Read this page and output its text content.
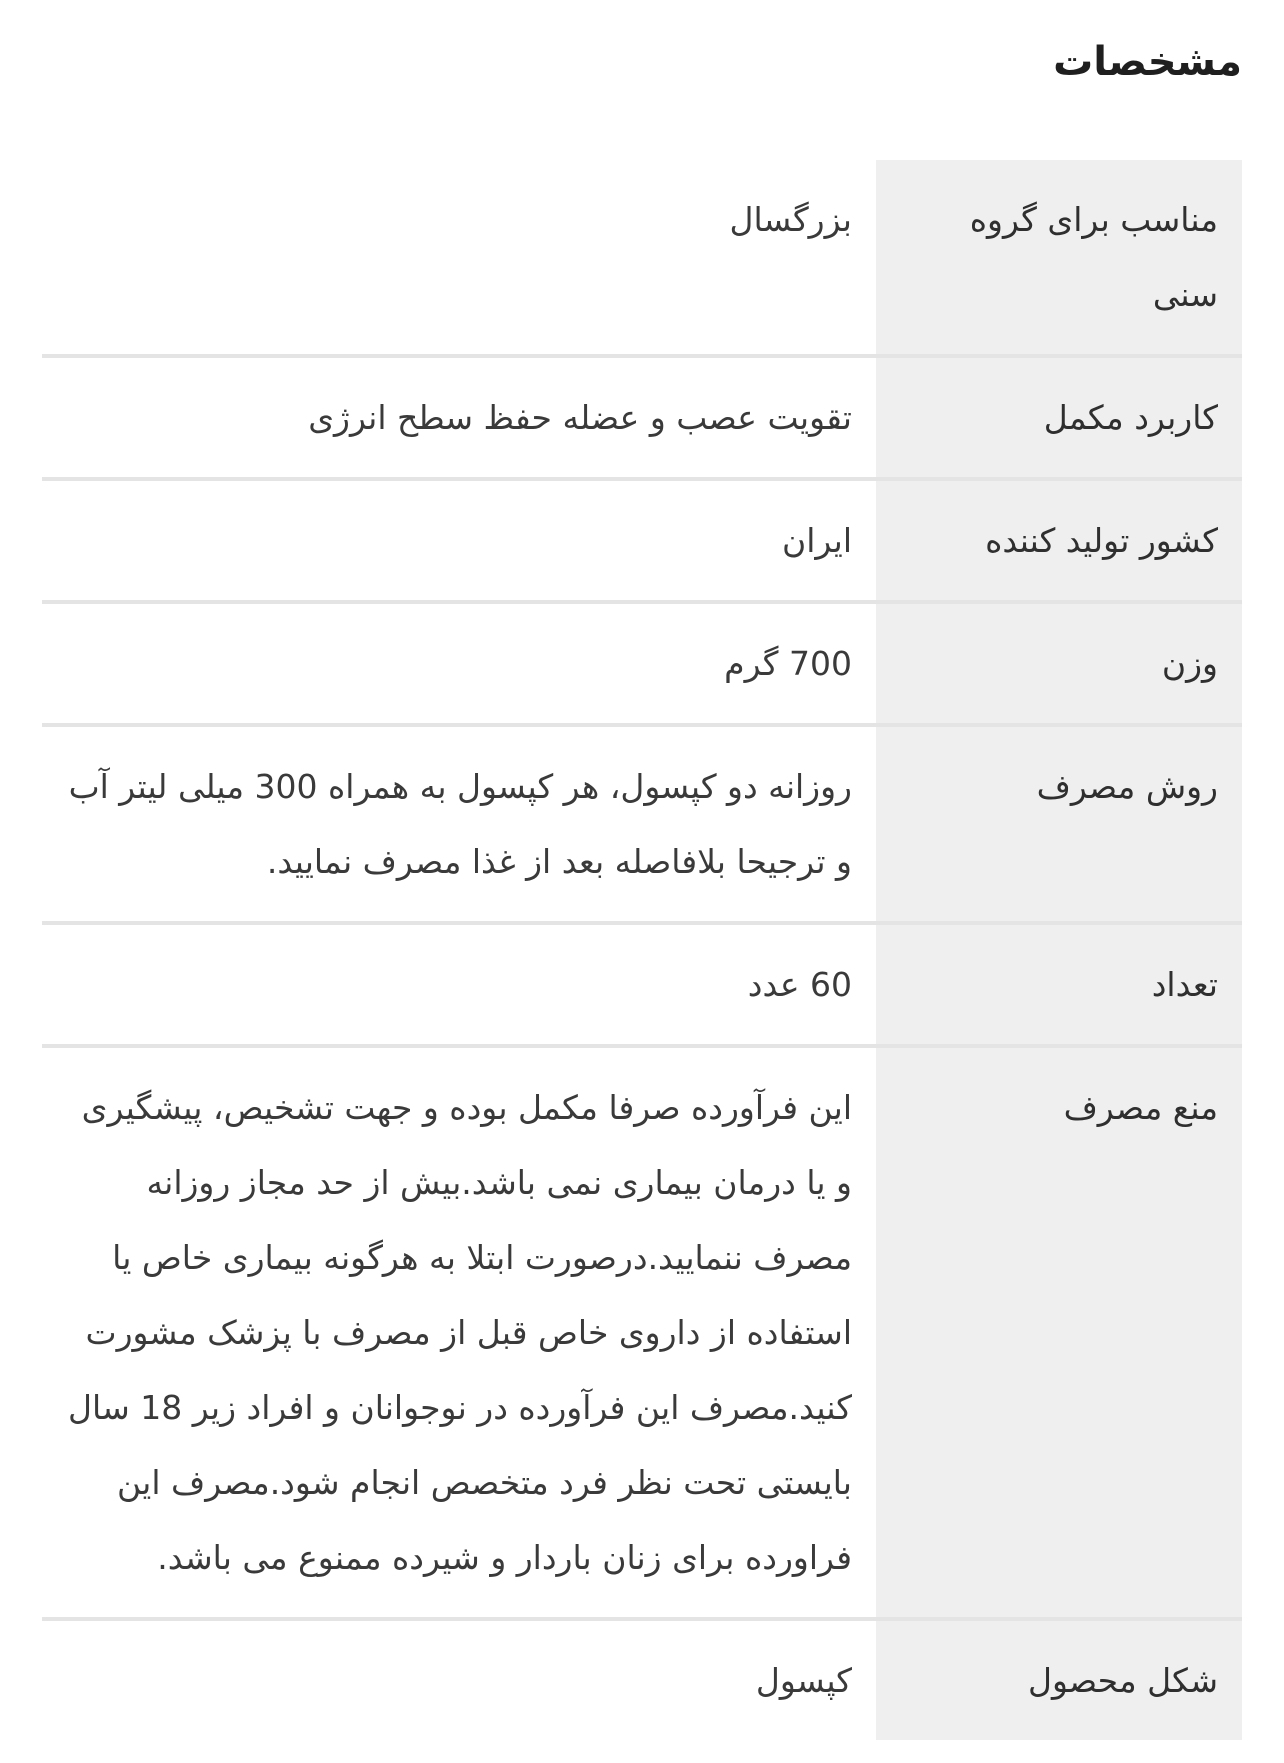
مشخصات
مناسب برای گروه سنی	بزرگسال
کاربرد مکمل	تقویت عصب و عضله حفظ سطح انرژی
کشور تولید کننده	ایران
وزن	700 گرم
روش مصرف	روزانه دو کپسول، هر کپسول به همراه 300 میلی لیتر آب و ترجیحا بلافاصله بعد از غذا مصرف نمایید.
تعداد	60 عدد
منع مصرف	این فرآورده صرفا مکمل بوده و جهت تشخیص، پیشگیری و یا درمان بیماری نمی باشد.بیش از حد مجاز روزانه مصرف ننمایید.درصورت ابتلا به هرگونه بیماری خاص یا استفاده از داروی خاص قبل از مصرف با پزشک مشورت کنید.مصرف این فرآورده در نوجوانان و افراد زیر 18 سال بایستی تحت نظر فرد متخصص انجام شود.مصرف این فراورده برای زنان باردار و شیرده ممنوع می باشد.
شکل محصول	کپسول
